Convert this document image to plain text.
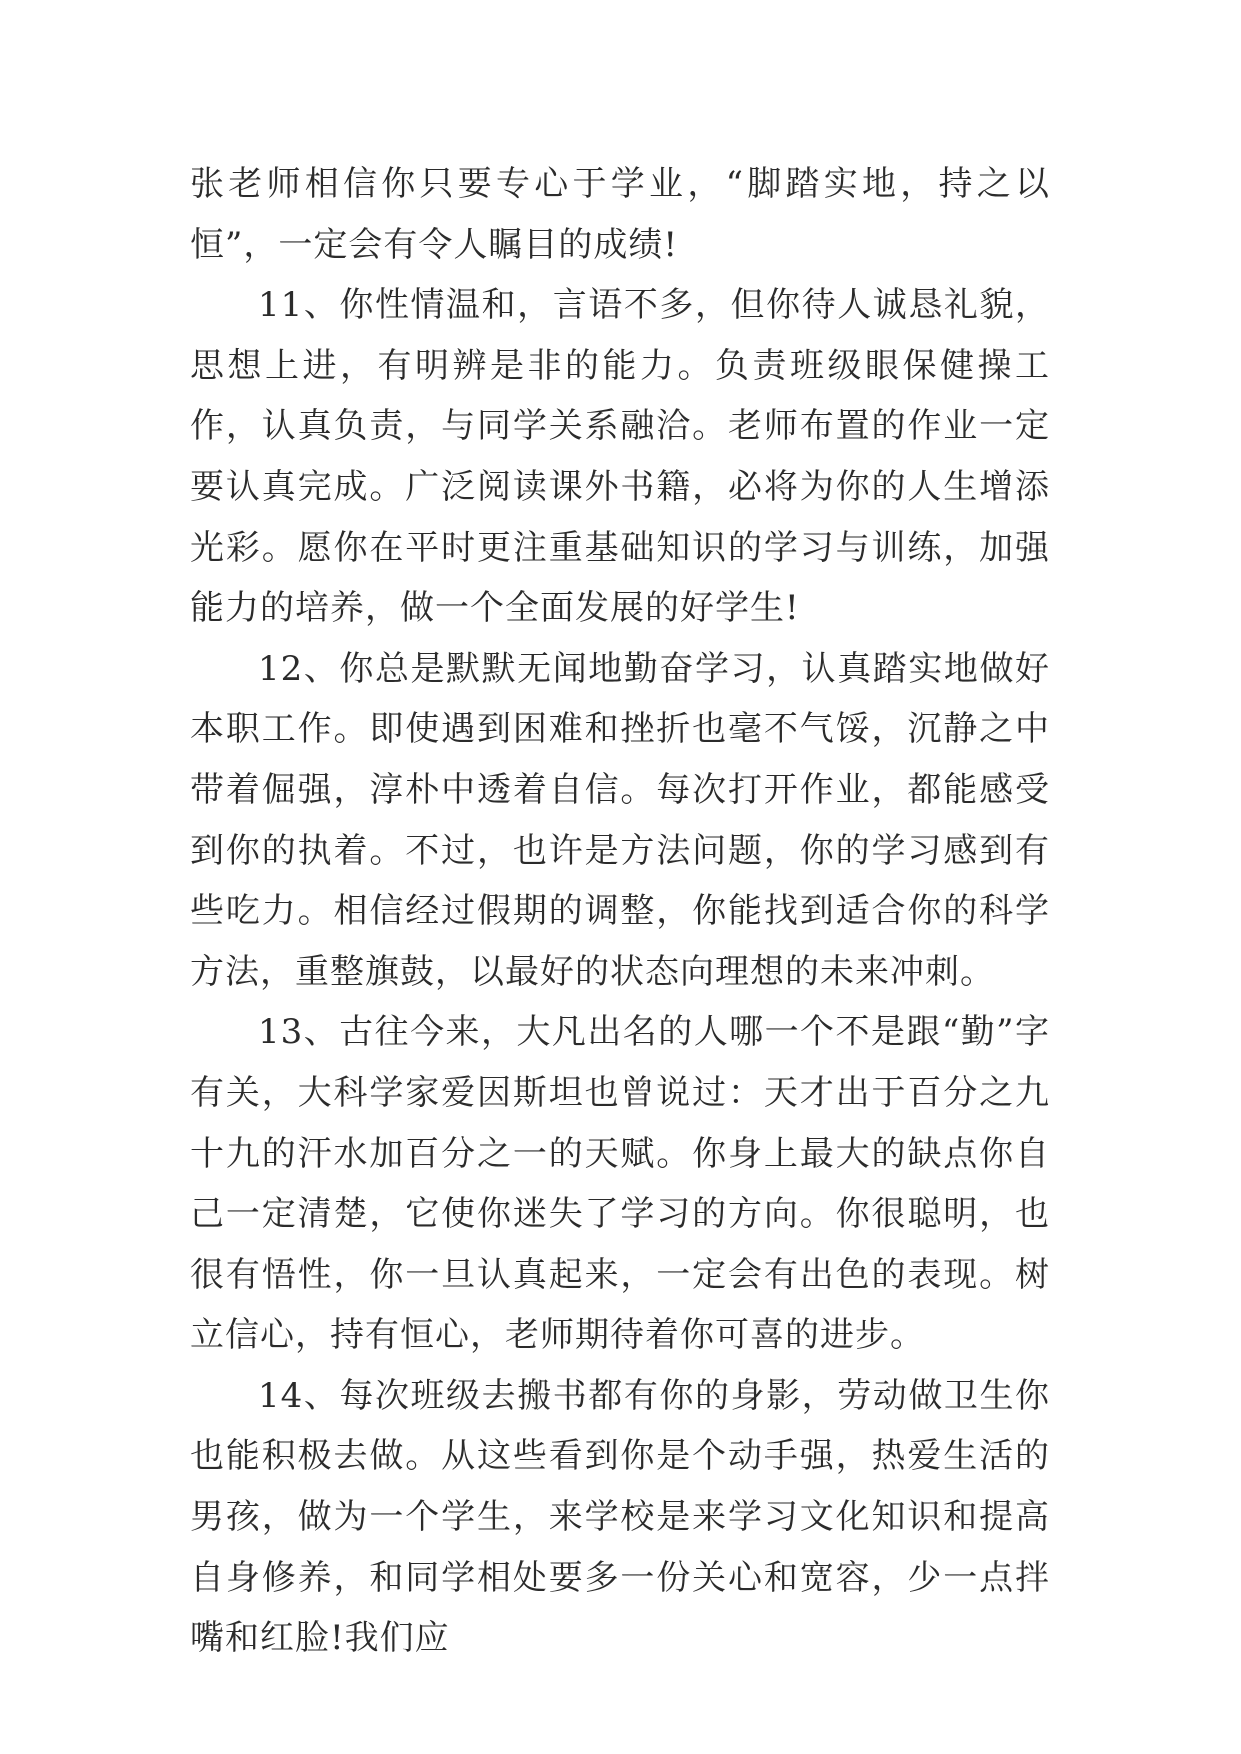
张老师相信你只要专心于学业，“脚踏实地，持之以恒”，一定会有令人瞩目的成绩!

11、你性情温和，言语不多，但你待人诚恳礼貌，思想上进，有明辨是非的能力。负责班级眼保健操工作，认真负责，与同学关系融洽。老师布置的作业一定要认真完成。广泛阅读课外书籍，必将为你的人生增添光彩。愿你在平时更注重基础知识的学习与训练，加强能力的培养，做一个全面发展的好学生!

12、你总是默默无闻地勤奋学习，认真踏实地做好本职工作。即使遇到困难和挫折也毫不气馁，沉静之中带着倔强，淳朴中透着自信。每次打开作业，都能感受到你的执着。不过，也许是方法问题，你的学习感到有些吃力。相信经过假期的调整，你能找到适合你的科学方法，重整旗鼓，以最好的状态向理想的未来冲刺。

13、古往今来，大凡出名的人哪一个不是跟“勤”字有关，大科学家爱因斯坦也曾说过：天才出于百分之九十九的汗水加百分之一的天赋。你身上最大的缺点你自己一定清楚，它使你迷失了学习的方向。你很聪明，也很有悟性，你一旦认真起来，一定会有出色的表现。树立信心，持有恒心，老师期待着你可喜的进步。

14、每次班级去搬书都有你的身影，劳动做卫生你也能积极去做。从这些看到你是个动手强，热爱生活的男孩，做为一个学生，来学校是来学习文化知识和提高自身修养，和同学相处要多一份关心和宽容，少一点拌嘴和红脸!我们应
